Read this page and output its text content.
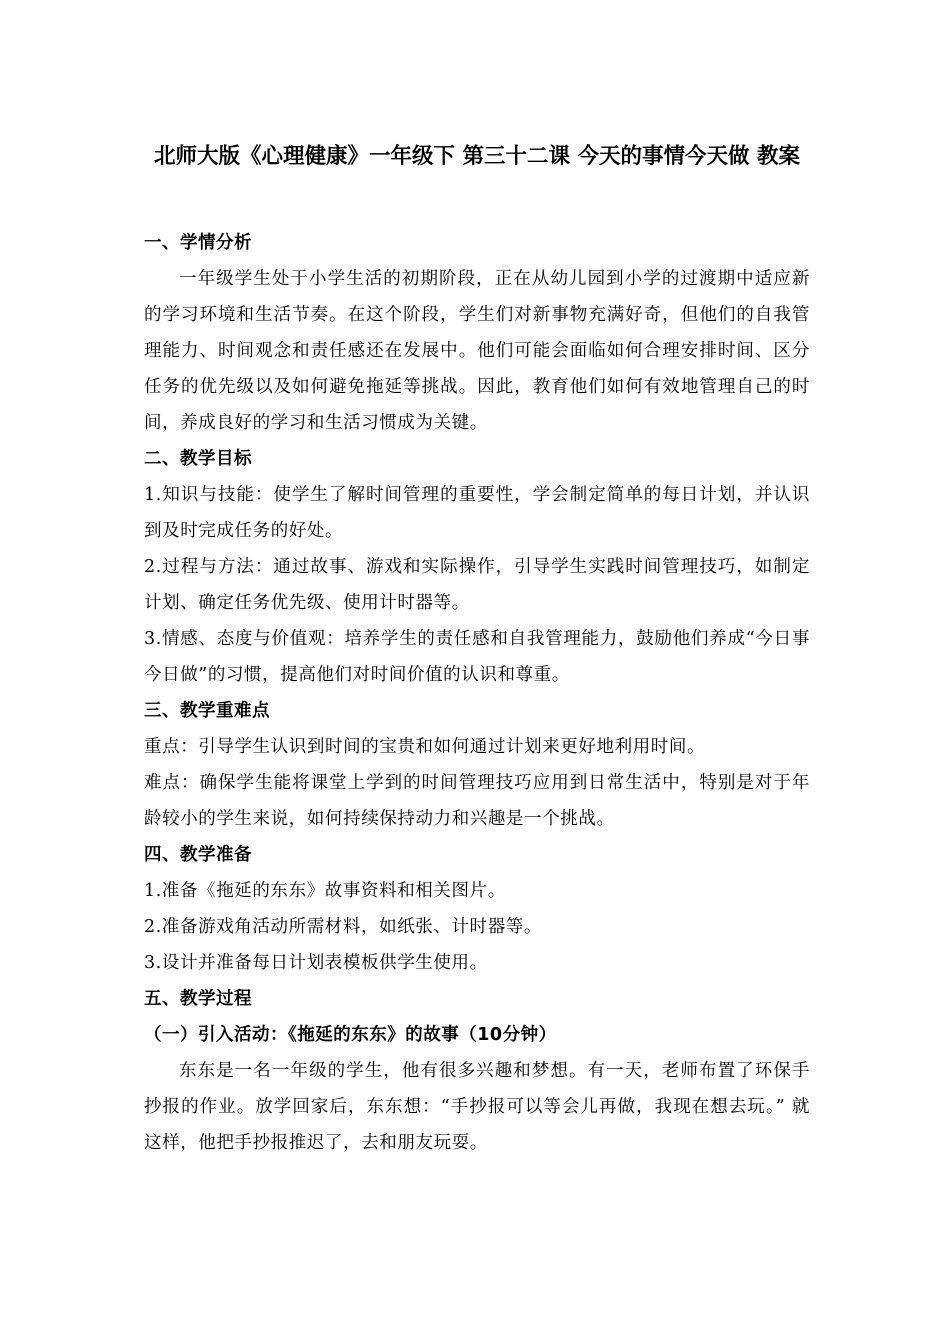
北师大版《心理健康》一年级下 第三十二课 今天的事情今天做 教案
一、学情分析

一年级学生处于小学生活的初期阶段，正在从幼儿园到小学的过渡期中适应新的学习环境和生活节奏。在这个阶段，学生们对新事物充满好奇，但他们的自我管理能力、时间观念和责任感还在发展中。他们可能会面临如何合理安排时间、区分任务的优先级以及如何避免拖延等挑战。因此，教育他们如何有效地管理自己的时间，养成良好的学习和生活习惯成为关键。

二、教学目标

1.知识与技能：使学生了解时间管理的重要性，学会制定简单的每日计划，并认识到及时完成任务的好处。

2.过程与方法：通过故事、游戏和实际操作，引导学生实践时间管理技巧，如制定计划、确定任务优先级、使用计时器等。

3.情感、态度与价值观：培养学生的责任感和自我管理能力，鼓励他们养成“今日事今日做”的习惯，提高他们对时间价值的认识和尊重。

三、教学重难点

重点：引导学生认识到时间的宝贵和如何通过计划来更好地利用时间。

难点：确保学生能将课堂上学到的时间管理技巧应用到日常生活中，特别是对于年龄较小的学生来说，如何持续保持动力和兴趣是一个挑战。

四、教学准备

1.准备《拖延的东东》故事资料和相关图片。

2.准备游戏角活动所需材料，如纸张、计时器等。

3.设计并准备每日计划表模板供学生使用。

五、教学过程
（一）引入活动：《拖延的东东》的故事（10分钟）

东东是一名一年级的学生，他有很多兴趣和梦想。有一天，老师布置了环保手抄报的作业。放学回家后，东东想：“手抄报可以等会儿再做，我现在想去玩。” 就这样，他把手抄报推迟了，去和朋友玩耍。
